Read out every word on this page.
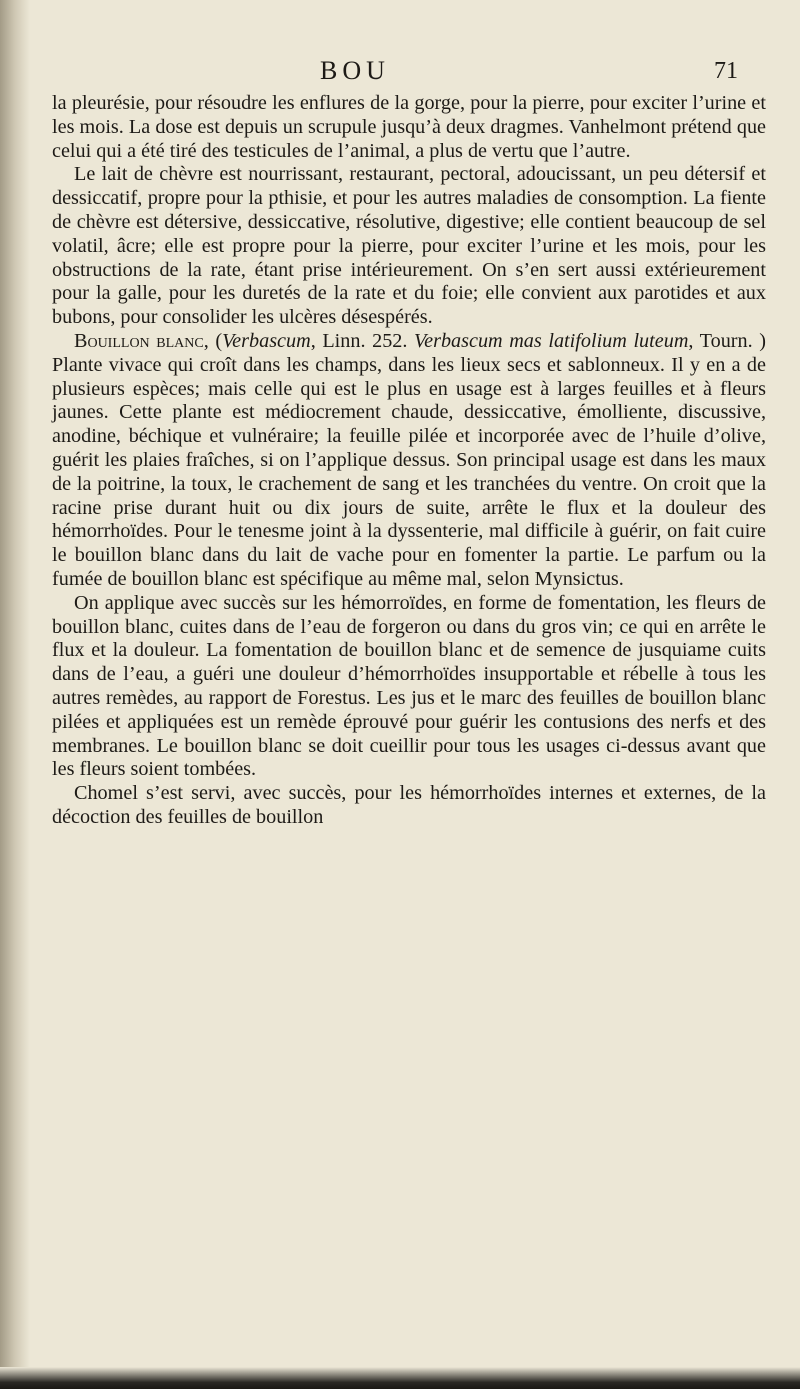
BOU	71

la pleurésie, pour résoudre les enflures de la gorge, pour la pierre, pour exciter l’urine et les mois. La dose est depuis un scrupule jusqu’à deux dragmes. Vanhelmont prétend que celui qui a été tiré des testicules de l’animal, a plus de vertu que l’autre.

Le lait de chèvre est nourrissant, restaurant, pectoral, adoucissant, un peu détersif et dessiccatif, propre pour la pthisie, et pour les autres maladies de consomption. La fiente de chèvre est détersive, dessiccative, résolutive, digestive; elle contient beaucoup de sel volatil, âcre; elle est propre pour la pierre, pour exciter l’urine et les mois, pour les obstructions de la rate, étant prise intérieurement. On s’en sert aussi extérieurement pour la galle, pour les duretés de la rate et du foie; elle convient aux parotides et aux bubons, pour consolider les ulcères désespérés.

Bouillon blanc, (Verbascum, Linn. 252. Verbascum mas latifolium luteum, Tourn. ) Plante vivace qui croît dans les champs, dans les lieux secs et sablonneux. Il y en a de plusieurs espèces; mais celle qui est le plus en usage est à larges feuilles et à fleurs jaunes. Cette plante est médiocrement chaude, dessiccative, émolliente, discussive, anodine, béchique et vulnéraire; la feuille pilée et incorporée avec de l’huile d’olive, guérit les plaies fraîches, si on l’applique dessus. Son principal usage est dans les maux de la poitrine, la toux, le crachement de sang et les tranchées du ventre. On croit que la racine prise durant huit ou dix jours de suite, arrête le flux et la douleur des hémorrhoïdes. Pour le tenesme joint à la dyssenterie, mal difficile à guérir, on fait cuire le bouillon blanc dans du lait de vache pour en fomenter la partie. Le parfum ou la fumée de bouillon blanc est spécifique au même mal, selon Mynsictus.

On applique avec succès sur les hémorroïdes, en forme de fomentation, les fleurs de bouillon blanc, cuites dans de l’eau de forgeron ou dans du gros vin; ce qui en arrête le flux et la douleur. La fomentation de bouillon blanc et de semence de jusquiame cuits dans de l’eau, a guéri une douleur d’hémorrhoïdes insupportable et rébelle à tous les autres remèdes, au rapport de Forestus. Les jus et le marc des feuilles de bouillon blanc pilées et appliquées est un remède éprouvé pour guérir les contusions des nerfs et des membranes. Le bouillon blanc se doit cueillir pour tous les usages ci-dessus avant que les fleurs soient tombées.

Chomel s’est servi, avec succès, pour les hémorrhoïdes internes et externes, de la décoction des feuilles de bouillon
